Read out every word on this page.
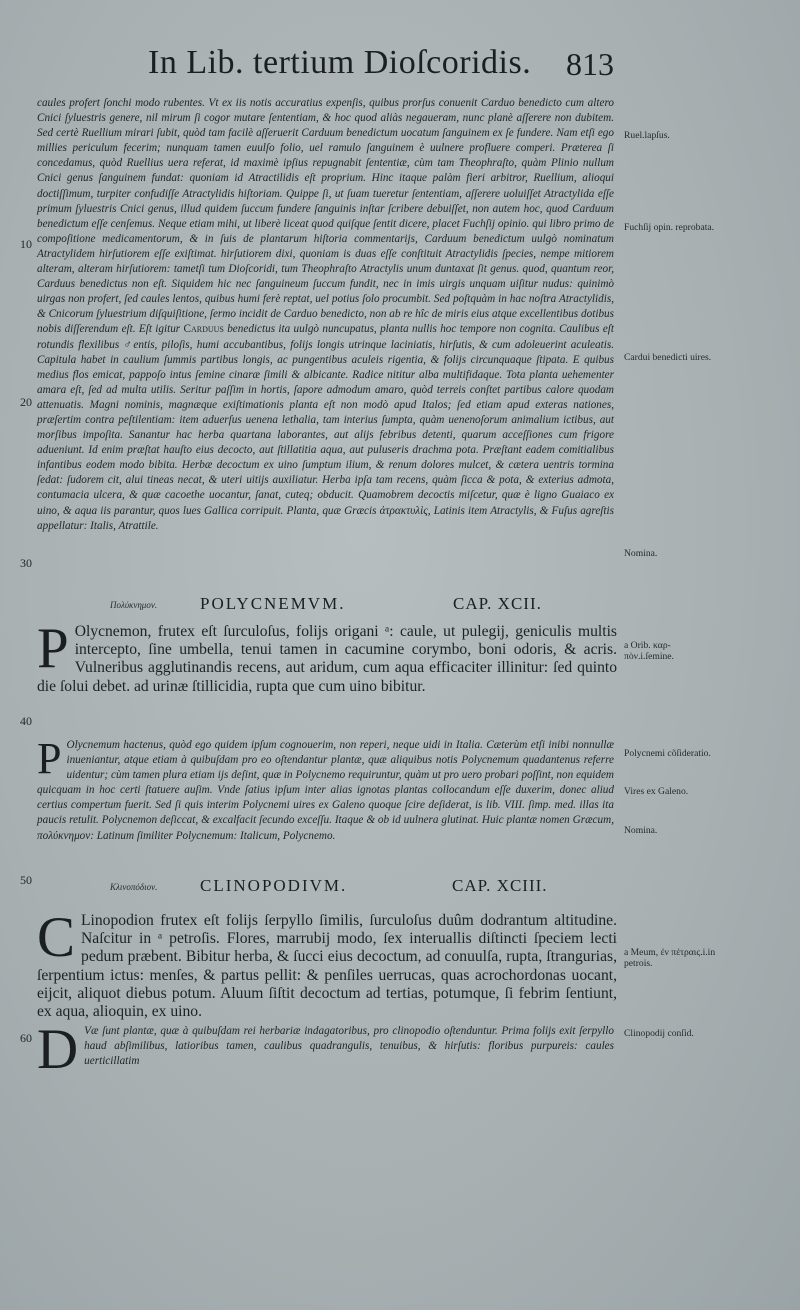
In Lib. tertium Dioſcoridis. 813
10
20
30
40
50
60
caules profert ſonchi modo rubentes. Vt ex iis notis accuratius expenſis, quibus prorſus conuenit Carduo benedicto cum altero Cnici ſyluestris genere, nil mirum ſi cogor mutare ſententiam, & hoc quod aliàs negaueram, nunc planè aſſerere non dubitem. Sed certè Ruellium mirari ſubit, quòd tam facilè aſſeruerit Carduum benedictum uocatum ſanguinem ex ſe fundere. Nam etſi ego millies periculum fecerim; nunquam tamen euulſo folio, uel ramulo ſanguinem è uulnere profluere comperi. Præterea ſi concedamus, quòd Ruellius uera referat, id maximè ipſius repugnabit ſententiæ, cùm tam Theophraſto, quàm Plinio nullum Cnici genus ſanguinem fundat: quoniam id Atractilidis eſt proprium. Hinc itaque palàm fieri arbitror, Ruellium, alioqui doctiſſimum, turpiter confudiſſe Atractylidis hiſtoriam. Quippe ſi, ut ſuam tueretur ſententiam, aſſerere uoluiſſet Atractylida eſſe primum ſyluestris Cnici genus, illud quidem ſuccum fundere ſanguinis inſtar ſcribere debuiſſet, non autem hoc, quod Carduum benedictum eſſe cenſemus. Neque etiam mihi, ut liberè liceat quod quiſque ſentit dicere, placet Fuchſij opinio. qui libro primo de compoſitione medicamentorum, & in ſuis de plantarum hiſtoria commentarijs, Carduum benedictum uulgò nominatum Atractylidem hirſutiorem eſſe exiſtimat. hirſutiorem dixi, quoniam is duas eſſe conſtituit Atractylidis ſpecies, nempe mitiorem alteram, alteram hirſutiorem: tametſi tum Dioſcoridi, tum Theophraſto Atractylis unum duntaxat ſit genus. quod, quantum reor, Carduus benedictus non eſt. Siquidem hic nec ſanguineum ſuccum fundit, nec in imis uirgis unquam uiſitur nudus: quinimò uirgas non profert, ſed caules lentos, quibus humi ferè reptat, uel potius ſolo procumbit. Sed poſtquàm in hac noſtra Atractylidis, & Cnicorum ſyluestrium diſquiſitione, ſermo incidit de Carduo benedicto, non ab re hîc de miris eius atque excellentibus dotibus nobis diſſerendum eſt. Eſt igitur Carduus benedictus ita uulgò nuncupatus, planta nullis hoc tempore non cognita. Caulibus eſt rotundis flexilibus ♂entis, piloſis, humi accubantibus, folijs longis utrinque laciniatis, hirſutis, & cum adoleuerint aculeatis. Capitula habet in caulium ſummis partibus longis, ac pungentibus aculeis rigentia, & folijs circunquaque ſtipata. E quibus medius flos emicat, pappoſo intus ſemine cinaræ ſimili & albicante. Radice nititur alba multifidaque. Tota planta uehementer amara eſt, ſed ad multa utilis. Seritur paſſim in hortis, ſapore admodum amaro, quòd terreis conſtet partibus calore quodam attenuatis. Magni nominis, magnæque exiſtimationis planta eſt non modò apud Italos; ſed etiam apud exteras nationes, præſertim contra peſtilentiam: item aduerſus uenena lethalia, tam interius ſumpta, quàm uenenoſorum animalium ictibus, aut morſibus impoſita. Sanantur hac herba quartana laborantes, aut alijs febribus detenti, quarum acceſſiones cum frigore adueniunt. Id enim præſtat hauſto eius decocto, aut ſtillatitia aqua, aut puluseris drachma pota. Præſtant eadem comitialibus infantibus eodem modo bibita. Herbæ decoctum ex uino ſumptum ilium, & renum dolores mulcet, & cætera uentris tormina ſedat: ſudorem cit, alui tineas necat, & uteri uitijs auxiliatur. Herba ipſa tam recens, quàm ſicca & pota, & exterius admota, contumacia ulcera, & quæ cacoethe uocantur, ſanat, cuteq; obducit. Quamobrem decoctis miſcetur, quæ è ligno Guaiaco ex uino, & aqua iis parantur, quos lues Gallica corripuit. Planta, quæ Græcis ἀτρακτυλὶς, Latinis item Atractylis, & Fuſus agreſtis appellatur: Italis, Atrattile.
Ruel.lapſus.
Fuchſij opin. reprobata.
Cardui benedicti uires.
Nomina.
Πολύκνημον.	POLYCNEMVM.	CAP. XCII.
P Olycnemon, frutex eſt ſurculoſus, folijs origani ᵃ: caule, ut pulegij, geniculis multis intercepto, ſine umbella, tenui tamen in cacumine corymbo, boni odoris, & acris. Vulneribus agglutinandis recens, aut aridum, cum aqua efficaciter illinitur: ſed quinto die ſolui debet. ad urinæ ſtillicidia, rupta que cum uino bibitur.
a Orib. καρ-πὸν.i.ſemine.
P Olycnemum hactenus, quòd ego quidem ipſum cognouerim, non reperi, neque uidi in Italia. Cæterùm etſi inibi nonnullæ inueniantur, atque etiam à quibuſdam pro eo oſtendantur plantæ, quæ aliquibus notis Polycnemum quadantenus referre uidentur; cùm tamen plura etiam ijs deſint, quæ in Polycnemo requiruntur, quàm ut pro uero probari poſſint, non equidem quicquam in hoc certi ſtatuere auſim. Vnde ſatius ipſum inter alias ignotas plantas collocandum eſſe duxerim, donec aliud certius compertum fuerit. Sed ſi quis interim Polycnemi uires ex Galeno quoque ſcire deſiderat, is lib. VIII. ſimp. med. illas ita paucis retulit. Polycnemon deſiccat, & excalfacit ſecundo exceſſu. Itaque & ob id uulnera glutinat. Huic plantæ nomen Græcum, πολύκνημον: Latinum ſimiliter Polycnemum: Italicum, Polycnemo.
Polycnemi cõſideratio.
Vires ex Galeno.
Nomina.
Κλινοπόδιον.	CLINOPODIVM.	CAP. XCIII.
C Linopodion frutex eſt folijs ſerpyllo ſimilis, ſurculoſus duûm dodrantum altitudine. Naſcitur in ᵃ petroſis. Flores, marrubij modo, ſex interuallis diſtincti ſpeciem lecti pedum præbent. Bibitur herba, & ſucci eius decoctum, ad conuulſa, rupta, ſtrangurias, ſerpentium ictus: menſes, & partus pellit: & penſiles uerrucas, quas acrochordonas uocant, eijcit, aliquot diebus potum. Aluum ſiſtit decoctum ad tertias, potumque, ſi febrim ſentiunt, ex aqua, alioquin, ex uino.
a Meum, ἐν πέτραις.i.in petrois.
D Væ ſunt plantæ, quæ à quibuſdam rei herbariæ indagatoribus, pro clinopodio oſtenduntur. Prima folijs exit ſerpyllo haud abſimilibus, latioribus tamen, caulibus quadrangulis, tenuibus, & hirſutis: floribus purpureis: caules uerticillatim
Clinopodij conſid.
